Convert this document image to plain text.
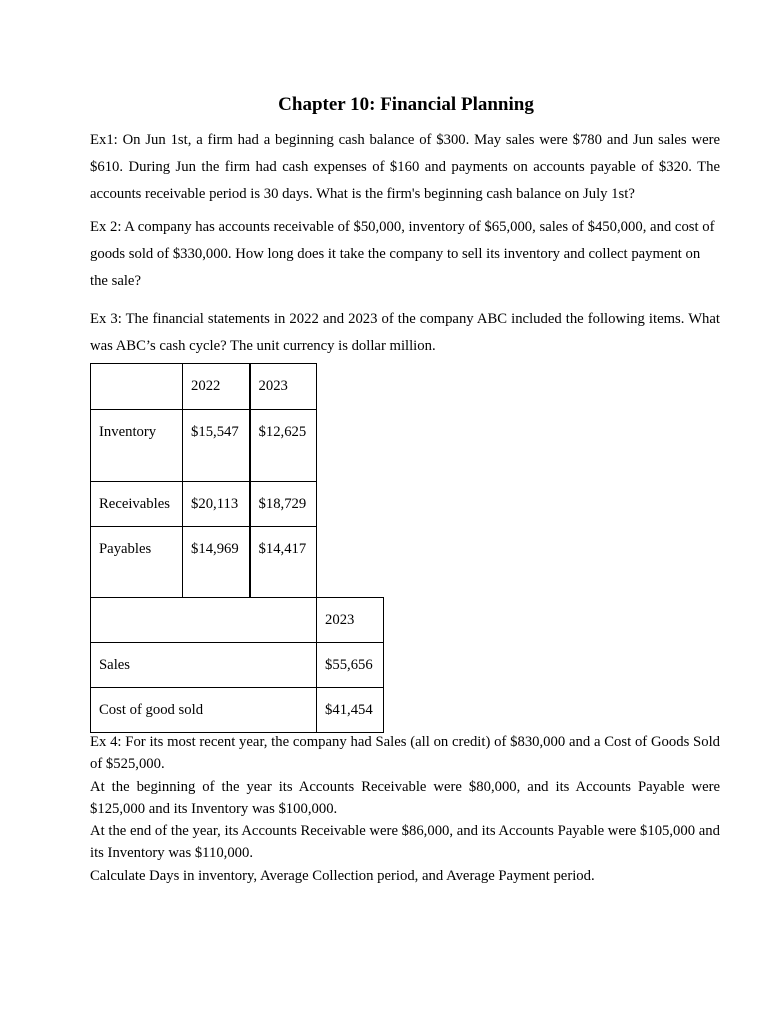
Chapter 10: Financial Planning

Ex1: On Jun 1st, a firm had a beginning cash balance of $300. May sales were $780 and Jun sales were $610. During Jun the firm had cash expenses of $160 and payments on accounts payable of $320. The accounts receivable period is 30 days. What is the firm's beginning cash balance on July 1st?

Ex 2: A company has accounts receivable of $50,000, inventory of $65,000, sales of $450,000, and cost of goods sold of $330,000. How long does it take the company to sell its inventory and collect payment on the sale?

Ex 3: The financial statements in 2022 and 2023 of the company ABC included the following items. What was ABC’s cash cycle? The unit currency is dollar million.

	2022	2023
Inventory	$15,547	$12,625
Receivables	$20,113	$18,729
Payables	$14,969	$14,417
	2023
Sales	$55,656
Cost of good sold	$41,454
Ex 4: For its most recent year, the company had Sales (all on credit) of $830,000 and a Cost of Goods Sold of $525,000.
At the beginning of the year its Accounts Receivable were $80,000, and its Accounts Payable were $125,000 and its Inventory was $100,000.
At the end of the year, its Accounts Receivable were $86,000, and its Accounts Payable were $105,000 and its Inventory was $110,000.
Calculate Days in inventory, Average Collection period, and Average Payment period.
